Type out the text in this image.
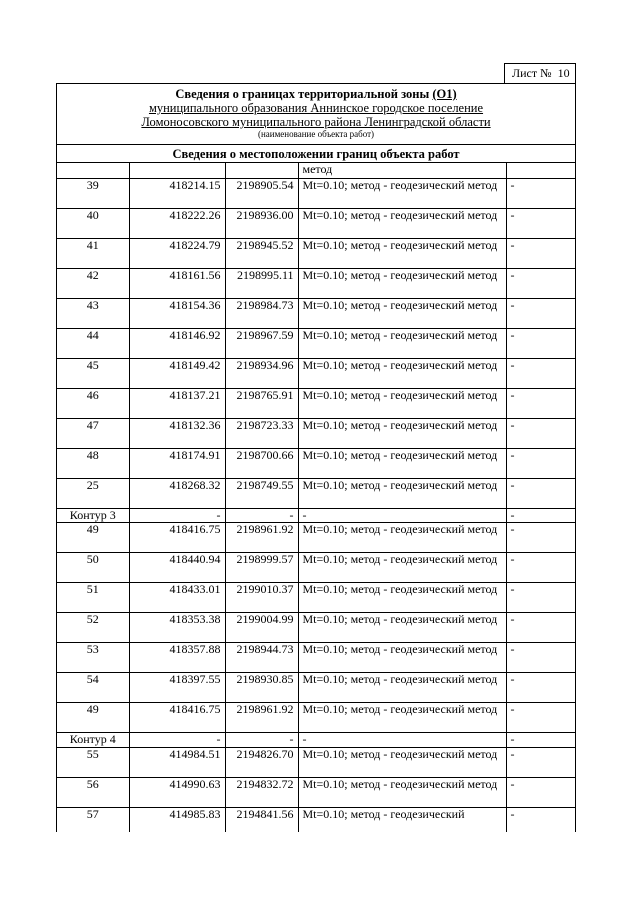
Лист № 10
Сведения о границах территориальной зоны (О1)
муниципального образования Аннинское городское поселение
Ломоносовского муниципального района Ленинградской области
(наименование объекта работ)
Сведения о местоположении границ объекта работ
			метод	
39	418214.15	2198905.54	Mt=0.10; метод - геодезический метод	-
40	418222.26	2198936.00	Mt=0.10; метод - геодезический метод	-
41	418224.79	2198945.52	Mt=0.10; метод - геодезический метод	-
42	418161.56	2198995.11	Mt=0.10; метод - геодезический метод	-
43	418154.36	2198984.73	Mt=0.10; метод - геодезический метод	-
44	418146.92	2198967.59	Mt=0.10; метод - геодезический метод	-
45	418149.42	2198934.96	Mt=0.10; метод - геодезический метод	-
46	418137.21	2198765.91	Mt=0.10; метод - геодезический метод	-
47	418132.36	2198723.33	Mt=0.10; метод - геодезический метод	-
48	418174.91	2198700.66	Mt=0.10; метод - геодезический метод	-
25	418268.32	2198749.55	Mt=0.10; метод - геодезический метод	-
Контур 3	-	-	-	-
49	418416.75	2198961.92	Mt=0.10; метод - геодезический метод	-
50	418440.94	2198999.57	Mt=0.10; метод - геодезический метод	-
51	418433.01	2199010.37	Mt=0.10; метод - геодезический метод	-
52	418353.38	2199004.99	Mt=0.10; метод - геодезический метод	-
53	418357.88	2198944.73	Mt=0.10; метод - геодезический метод	-
54	418397.55	2198930.85	Mt=0.10; метод - геодезический метод	-
49	418416.75	2198961.92	Mt=0.10; метод - геодезический метод	-
Контур 4	-	-	-	-
55	414984.51	2194826.70	Mt=0.10; метод - геодезический метод	-
56	414990.63	2194832.72	Mt=0.10; метод - геодезический метод	-
57	414985.83	2194841.56	Mt=0.10; метод - геодезический	-
